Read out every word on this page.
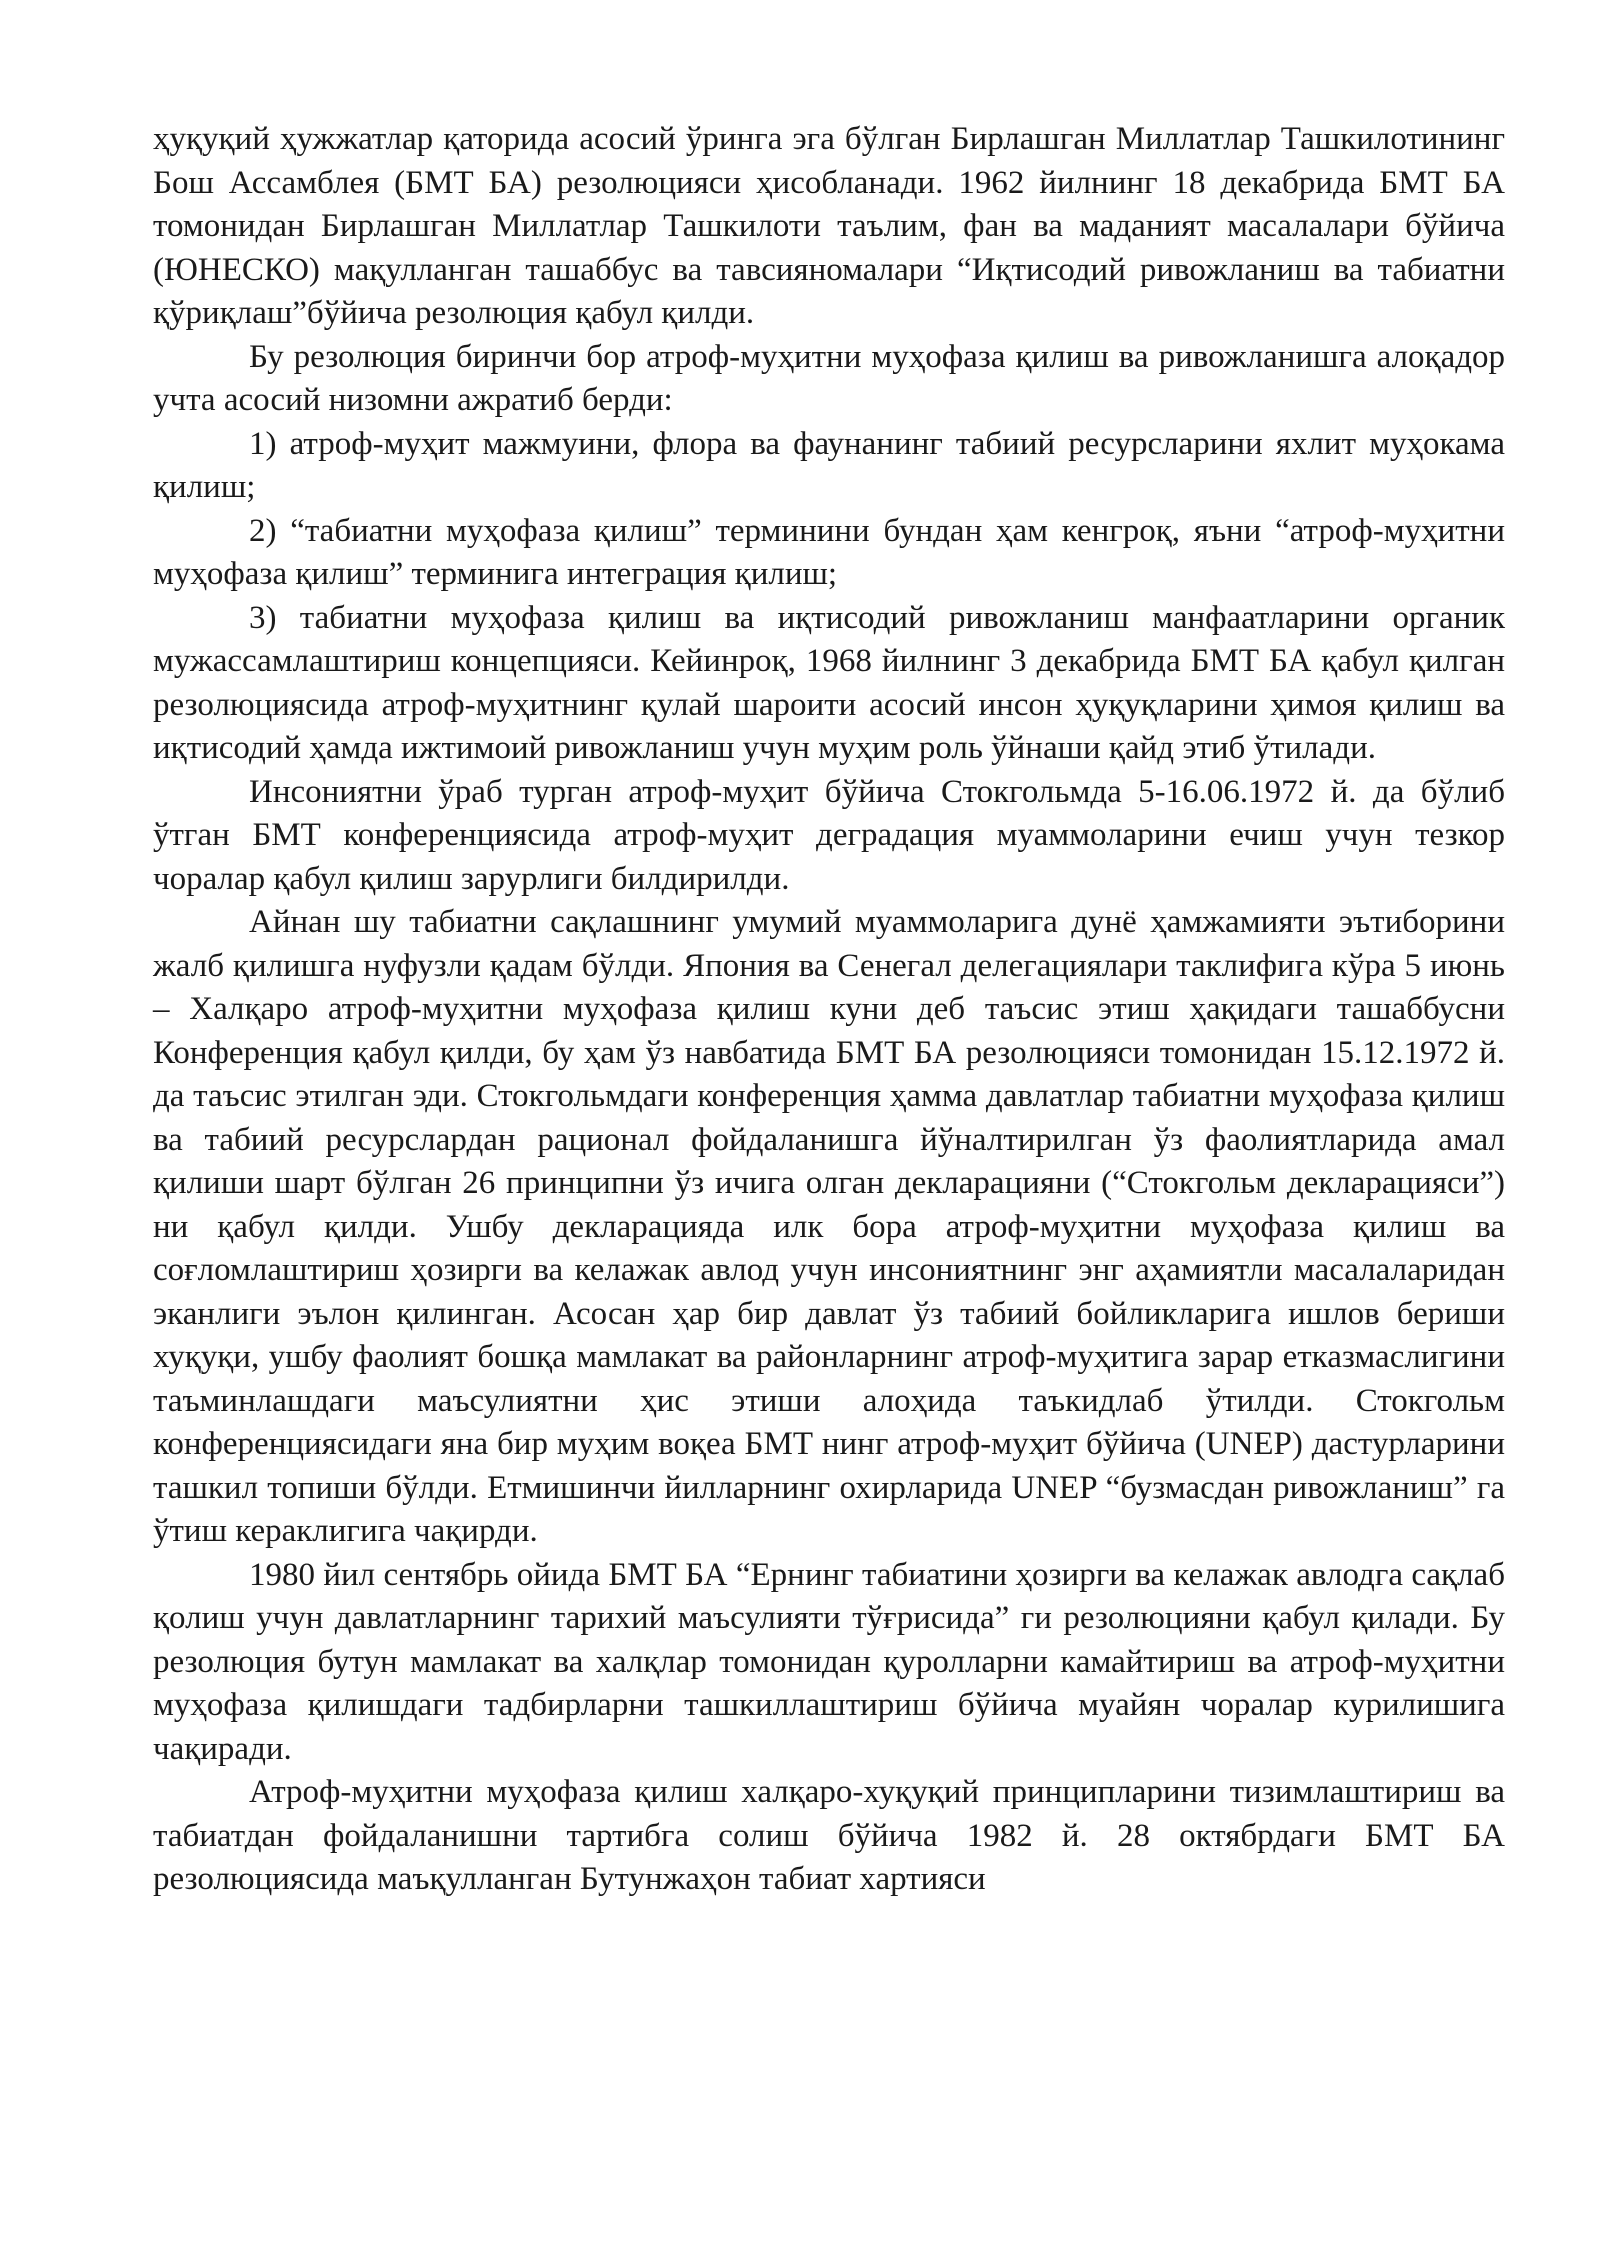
ҳуқуқий ҳужжатлар қаторида асосий ўринга эга бўлган Бирлашган Миллатлар Ташкилотининг Бош Ассамблея (БМТ БА) резолюцияси ҳисобланади. 1962 йилнинг 18 декабрида БМТ БА томонидан Бирлашган Миллатлар Ташкилоти таълим, фан ва маданият масалалари бўйича (ЮНЕСКО) мақулланган ташаббус ва тавсияномалари “Иқтисодий ривожланиш ва табиатни қўриқлаш”бўйича резолюция қабул қилди.

Бу резолюция биринчи бор атроф-муҳитни муҳофаза қилиш ва ривожланишга алоқадор учта асосий низомни ажратиб берди:

1) атроф-муҳит мажмуини, флора ва фаунанинг табиий ресурсларини яхлит муҳокама қилиш;

2) “табиатни муҳофаза қилиш” терминини бундан ҳам кенгроқ, яъни “атроф-муҳитни муҳофаза қилиш” терминига интеграция қилиш;

3) табиатни муҳофаза қилиш ва иқтисодий ривожланиш манфаатларини органик мужассамлаштириш концепцияси. Кейинроқ, 1968 йилнинг 3 декабрида БМТ БА қабул қилган резолюциясида атроф-муҳитнинг қулай шароити асосий инсон ҳуқуқларини ҳимоя қилиш ва иқтисодий ҳамда ижтимоий ривожланиш учун муҳим роль ўйнаши қайд этиб ўтилади.

Инсониятни ўраб турган атроф-муҳит бўйича Стокгольмда 5-16.06.1972 й. да бўлиб ўтган БМТ конференциясида атроф-муҳит деградация муаммоларини ечиш учун тезкор чоралар қабул қилиш зарурлиги билдирилди.

Айнан шу табиатни сақлашнинг умумий муаммоларига дунё ҳамжамияти эътиборини жалб қилишга нуфузли қадам бўлди. Япония ва Сенегал делегациялари таклифига кўра 5 июнь – Халқаро атроф-муҳитни муҳофаза қилиш куни деб таъсис этиш ҳақидаги ташаббусни Конференция қабул қилди, бу ҳам ўз навбатида БМТ БА резолюцияси томонидан 15.12.1972 й. да таъсис этилган эди. Стокгольмдаги конференция ҳамма давлатлар табиатни муҳофаза қилиш ва табиий ресурслардан рационал фойдаланишга йўналтирилган ўз фаолиятларида амал қилиши шарт бўлган 26 принципни ўз ичига олган декларацияни (“Стокгольм декларацияси”) ни қабул қилди. Ушбу декларацияда илк бора атроф-муҳитни муҳофаза қилиш ва соғломлаштириш ҳозирги ва келажак авлод учун инсониятнинг энг аҳамиятли масалаларидан эканлиги эълон қилинган. Асосан ҳар бир давлат ўз табиий бойликларига ишлов бериши хуқуқи, ушбу фаолият бошқа мамлакат ва районларнинг атроф-муҳитига зарар етказмаслигини таъминлашдаги маъсулиятни ҳис этиши алоҳида таъкидлаб ўтилди. Стокгольм конференциясидаги яна бир муҳим воқеа БМТ нинг атроф-муҳит бўйича (UNEP) дастурларини ташкил топиши бўлди. Етмишинчи йилларнинг охирларида UNEP “бузмасдан ривожланиш” га ўтиш кераклигига чақирди.

1980 йил сентябрь ойида БМТ БА “Ернинг табиатини ҳозирги ва келажак авлодга сақлаб қолиш учун давлатларнинг тарихий маъсулияти тўғрисида” ги резолюцияни қабул қилади. Бу резолюция бутун мамлакат ва халқлар томонидан қуролларни камайтириш ва атроф-муҳитни муҳофаза қилишдаги тадбирларни ташкиллаштириш бўйича муайян чоралар курилишига чақиради.

Атроф-муҳитни муҳофаза қилиш халқаро-хуқуқий принципларини тизимлаштириш ва табиатдан фойдаланишни тартибга солиш бўйича 1982 й. 28 октябрдаги БМТ БА резолюциясида маъқулланган Бутунжаҳон табиат хартияси
